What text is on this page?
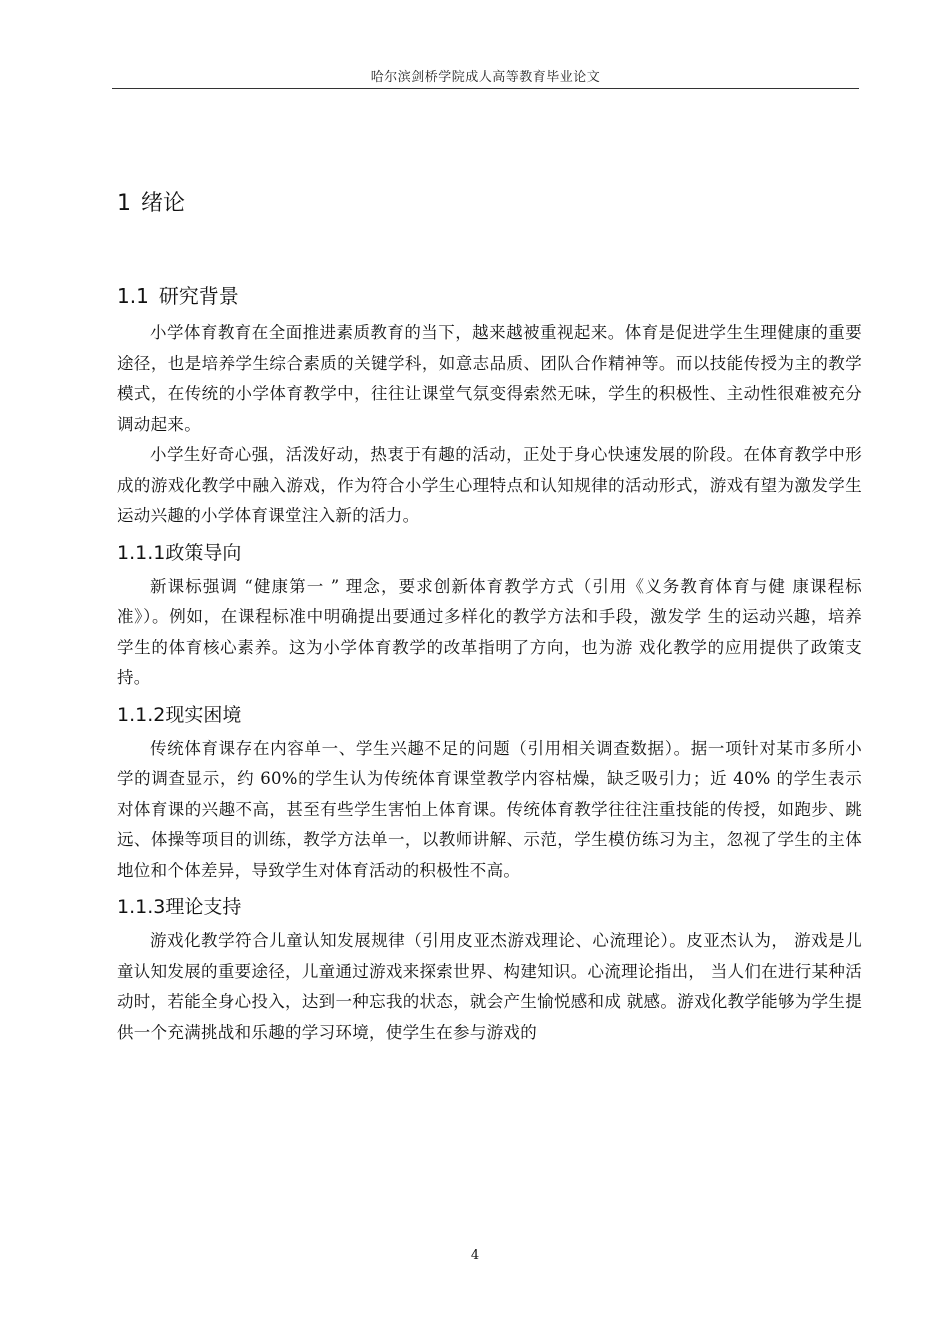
哈尔滨剑桥学院成人高等教育毕业论文
1 绪论
1.1 研究背景

小学体育教育在全面推进素质教育的当下，越来越被重视起来。体育是促进学生生理健康的重要途径，也是培养学生综合素质的关键学科，如意志品质、团队合作精神等。而以技能传授为主的教学模式，在传统的小学体育教学中，往往让课堂气氛变得索然无味，学生的积极性、主动性很难被充分调动起来。

小学生好奇心强，活泼好动，热衷于有趣的活动，正处于身心快速发展的阶段。在体育教学中形成的游戏化教学中融入游戏，作为符合小学生心理特点和认知规律的活动形式，游戏有望为激发学生运动兴趣的小学体育课堂注入新的活力。

1.1.1政策导向

新课标强调 “健康第一 ” 理念，要求创新体育教学方式（引用《义务教育体育与健 康课程标准》）。例如，在课程标准中明确提出要通过多样化的教学方法和手段，激发学 生的运动兴趣，培养学生的体育核心素养。这为小学体育教学的改革指明了方向，也为游 戏化教学的应用提供了政策支持。

1.1.2现实困境

传统体育课存在内容单一、学生兴趣不足的问题（引用相关调查数据）。据一项针对某市多所小学的调查显示，约 60%的学生认为传统体育课堂教学内容枯燥，缺乏吸引力；近 40% 的学生表示对体育课的兴趣不高，甚至有些学生害怕上体育课。传统体育教学往往注重技能的传授，如跑步、跳远、体操等项目的训练，教学方法单一，以教师讲解、示范，学生模仿练习为主，忽视了学生的主体地位和个体差异，导致学生对体育活动的积极性不高。

1.1.3理论支持

游戏化教学符合儿童认知发展规律（引用皮亚杰游戏理论、心流理论）。皮亚杰认为， 游戏是儿童认知发展的重要途径，儿童通过游戏来探索世界、构建知识。心流理论指出， 当人们在进行某种活动时，若能全身心投入，达到一种忘我的状态，就会产生愉悦感和成 就感。游戏化教学能够为学生提供一个充满挑战和乐趣的学习环境，使学生在参与游戏的

4
